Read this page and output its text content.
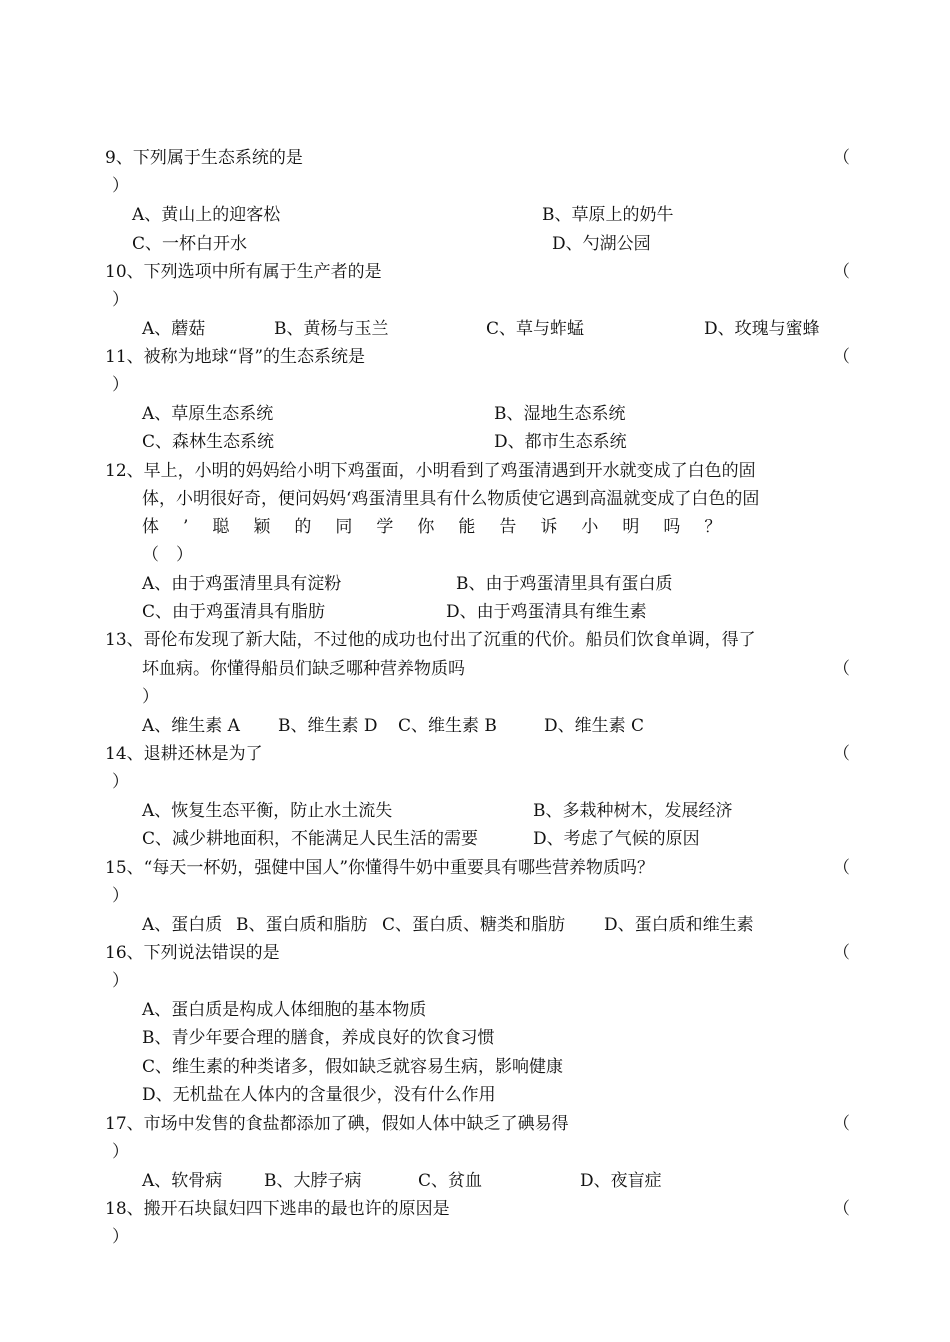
9、下列属于生态系统的是	（
）
A、黄山上的迎客松	B、草原上的奶牛
C、一杯白开水	D、勺湖公园
10、下列选项中所有属于生产者的是	（
）
A、蘑菇	B、黄杨与玉兰	C、草与蚱蜢	D、玫瑰与蜜蜂
11、被称为地球“肾”的生态系统是	（
）
A、草原生态系统	B、湿地生态系统
C、森林生态系统	D、都市生态系统
12、早上，小明的妈妈给小明下鸡蛋面，小明看到了鸡蛋清遇到开水就变成了白色的固
体，小明很好奇，便问妈妈‘鸡蛋清里具有什么物质使它遇到高温就变成了白色的固
体’聪颖的同学你能告诉小明吗？
（　）
A、由于鸡蛋清里具有淀粉	B、由于鸡蛋清里具有蛋白质
C、由于鸡蛋清具有脂肪	D、由于鸡蛋清具有维生素
13、哥伦布发现了新大陆，不过他的成功也付出了沉重的代价。船员们饮食单调，得了
坏血病。你懂得船员们缺乏哪种营养物质吗	（
）
A、维生素 A B、维生素 D C、维生素 B	D、维生素 C
14、退耕还林是为了	（
）
A、恢复生态平衡，防止水土流失	B、多栽种树木，发展经济
C、减少耕地面积，不能满足人民生活的需要	D、考虑了气候的原因
15、“每天一杯奶，强健中国人”你懂得牛奶中重要具有哪些营养物质吗？	（
）
A、蛋白质 B、蛋白质和脂肪 C、蛋白质、糖类和脂肪 D、蛋白质和维生素
16、下列说法错误的是	（
）
A、蛋白质是构成人体细胞的基本物质
B、青少年要合理的膳食，养成良好的饮食习惯
C、维生素的种类诸多，假如缺乏就容易生病，影响健康
D、无机盐在人体内的含量很少，没有什么作用
17、市场中发售的食盐都添加了碘，假如人体中缺乏了碘易得	（
）
A、软骨病 B、大脖子病	C、贫血	D、夜盲症
18、搬开石块鼠妇四下逃串的最也许的原因是	（
）
